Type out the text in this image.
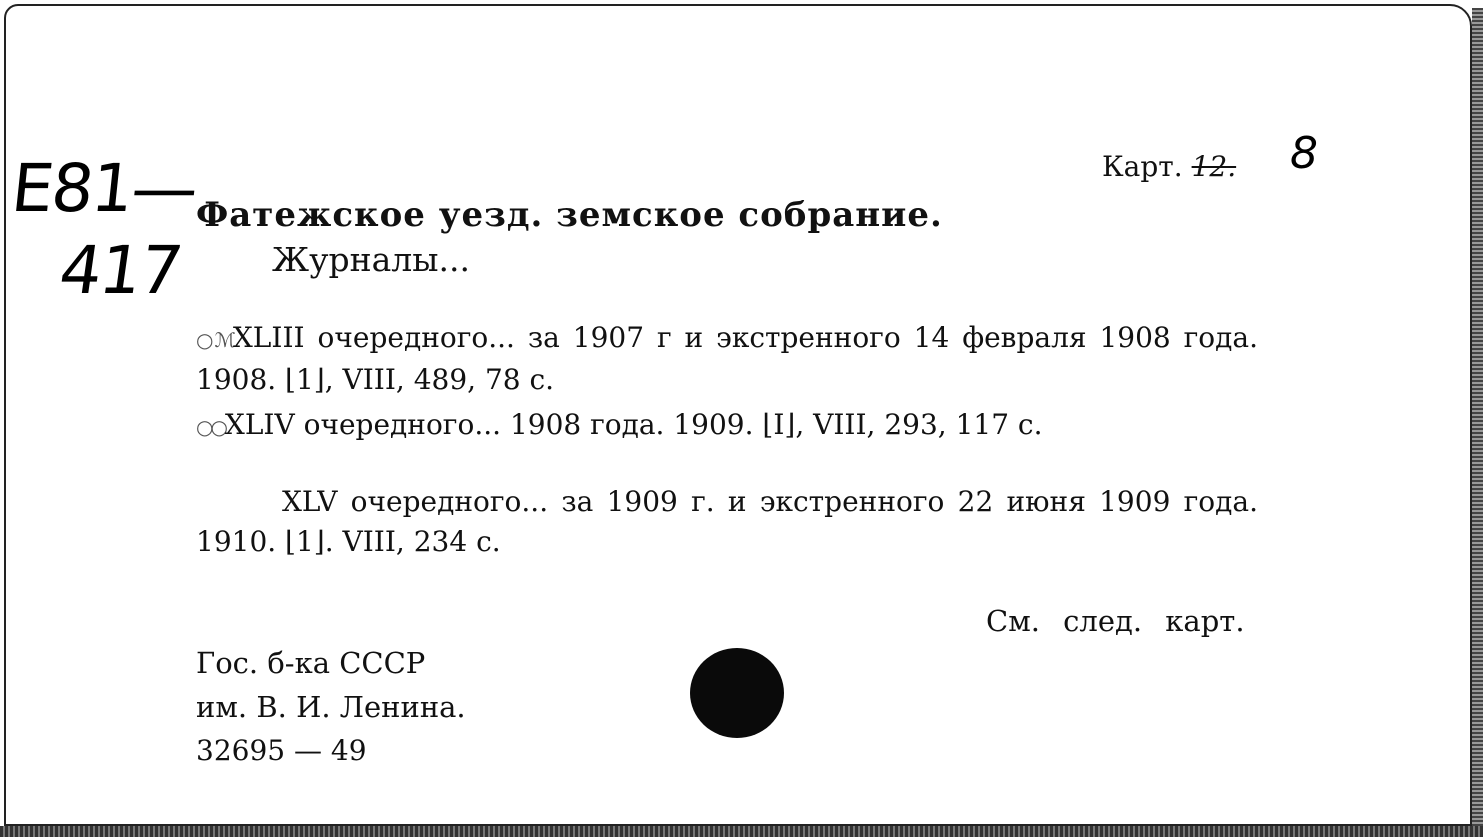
E81—
417
Карт. 12. 8
Фатежское уезд. земское собрание.
Журналы...

○ℳXLIII очередного... за 1907 г и экстренного 14 февраля 1908 года. 1908. ⌊1⌋, VIII, 489, 78 с.

○○XLIV очередного... 1908 года. 1909. ⌊I⌋, VIII, 293, 117 с.

XLV очередного... за 1909 г. и экстренного 22 июня 1909 года. 1910. ⌊1⌋. VIII, 234 с.

См. след. карт.
Гос. б-ка СССР
им. В. И. Ленина.
32695 — 49
